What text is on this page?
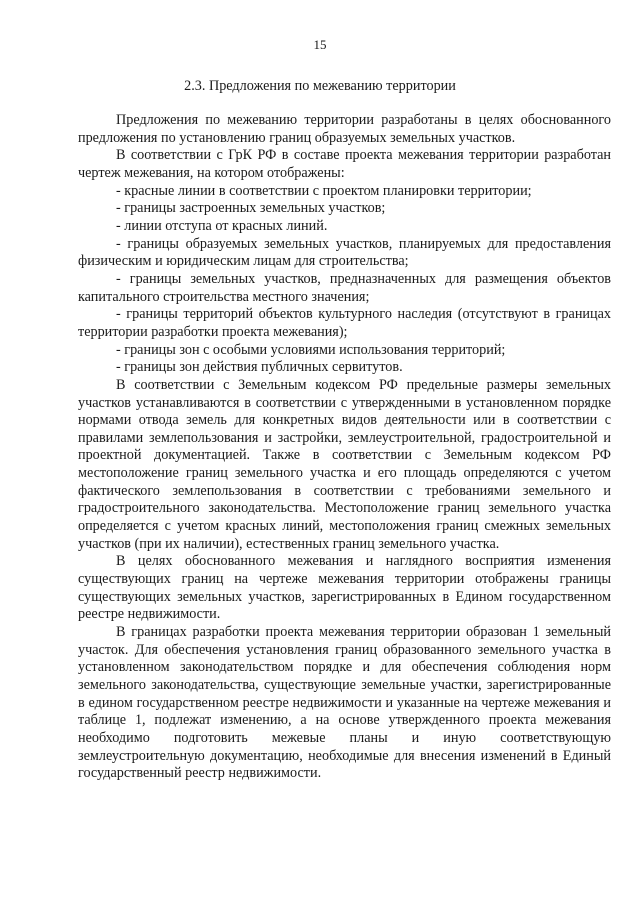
15
2.3. Предложения по межеванию территории

Предложения по межеванию территории разработаны в целях обоснованного предложения по установлению границ образуемых земельных участков.

В соответствии с ГрК РФ в составе проекта межевания территории разработан чертеж межевания, на котором отображены:

- красные линии в соответствии с проектом планировки территории;

- границы застроенных земельных участков;

- линии отступа от красных линий.

- границы образуемых земельных участков, планируемых для предоставления физическим и юридическим лицам для строительства;

- границы земельных участков, предназначенных для размещения объектов капитального строительства местного значения;

- границы территорий объектов культурного наследия (отсутствуют в границах территории разработки проекта межевания);

- границы зон с особыми условиями использования территорий;

- границы зон действия публичных сервитутов.

В соответствии с Земельным кодексом РФ предельные размеры земельных участков устанавливаются в соответствии с утвержденными в установленном порядке нормами отвода земель для конкретных видов деятельности или в соответствии с правилами землепользования и застройки, землеустроительной, градостроительной и проектной документацией. Также в соответствии с Земельным кодексом РФ местоположение границ земельного участка и его площадь определяются с учетом фактического землепользования в соответствии с требованиями земельного и градостроительного законодательства. Местоположение границ земельного участка определяется с учетом красных линий, местоположения границ смежных земельных участков (при их наличии), естественных границ земельного участка.

В целях обоснованного межевания и наглядного восприятия изменения существующих границ на чертеже межевания территории отображены границы существующих земельных участков, зарегистрированных в Едином государственном реестре недвижимости.

В границах разработки проекта межевания территории образован 1 земельный участок. Для обеспечения установления границ образованного земельного участка в установленном законодательством порядке и для обеспечения соблюдения норм земельного законодательства, существующие земельные участки, зарегистрированные в едином государственном реестре недвижимости и указанные на чертеже межевания и таблице 1, подлежат изменению, а на основе утвержденного проекта межевания необходимо подготовить межевые планы и иную соответствующую землеустроительную документацию, необходимые для внесения изменений в Единый государственный реестр недвижимости.
